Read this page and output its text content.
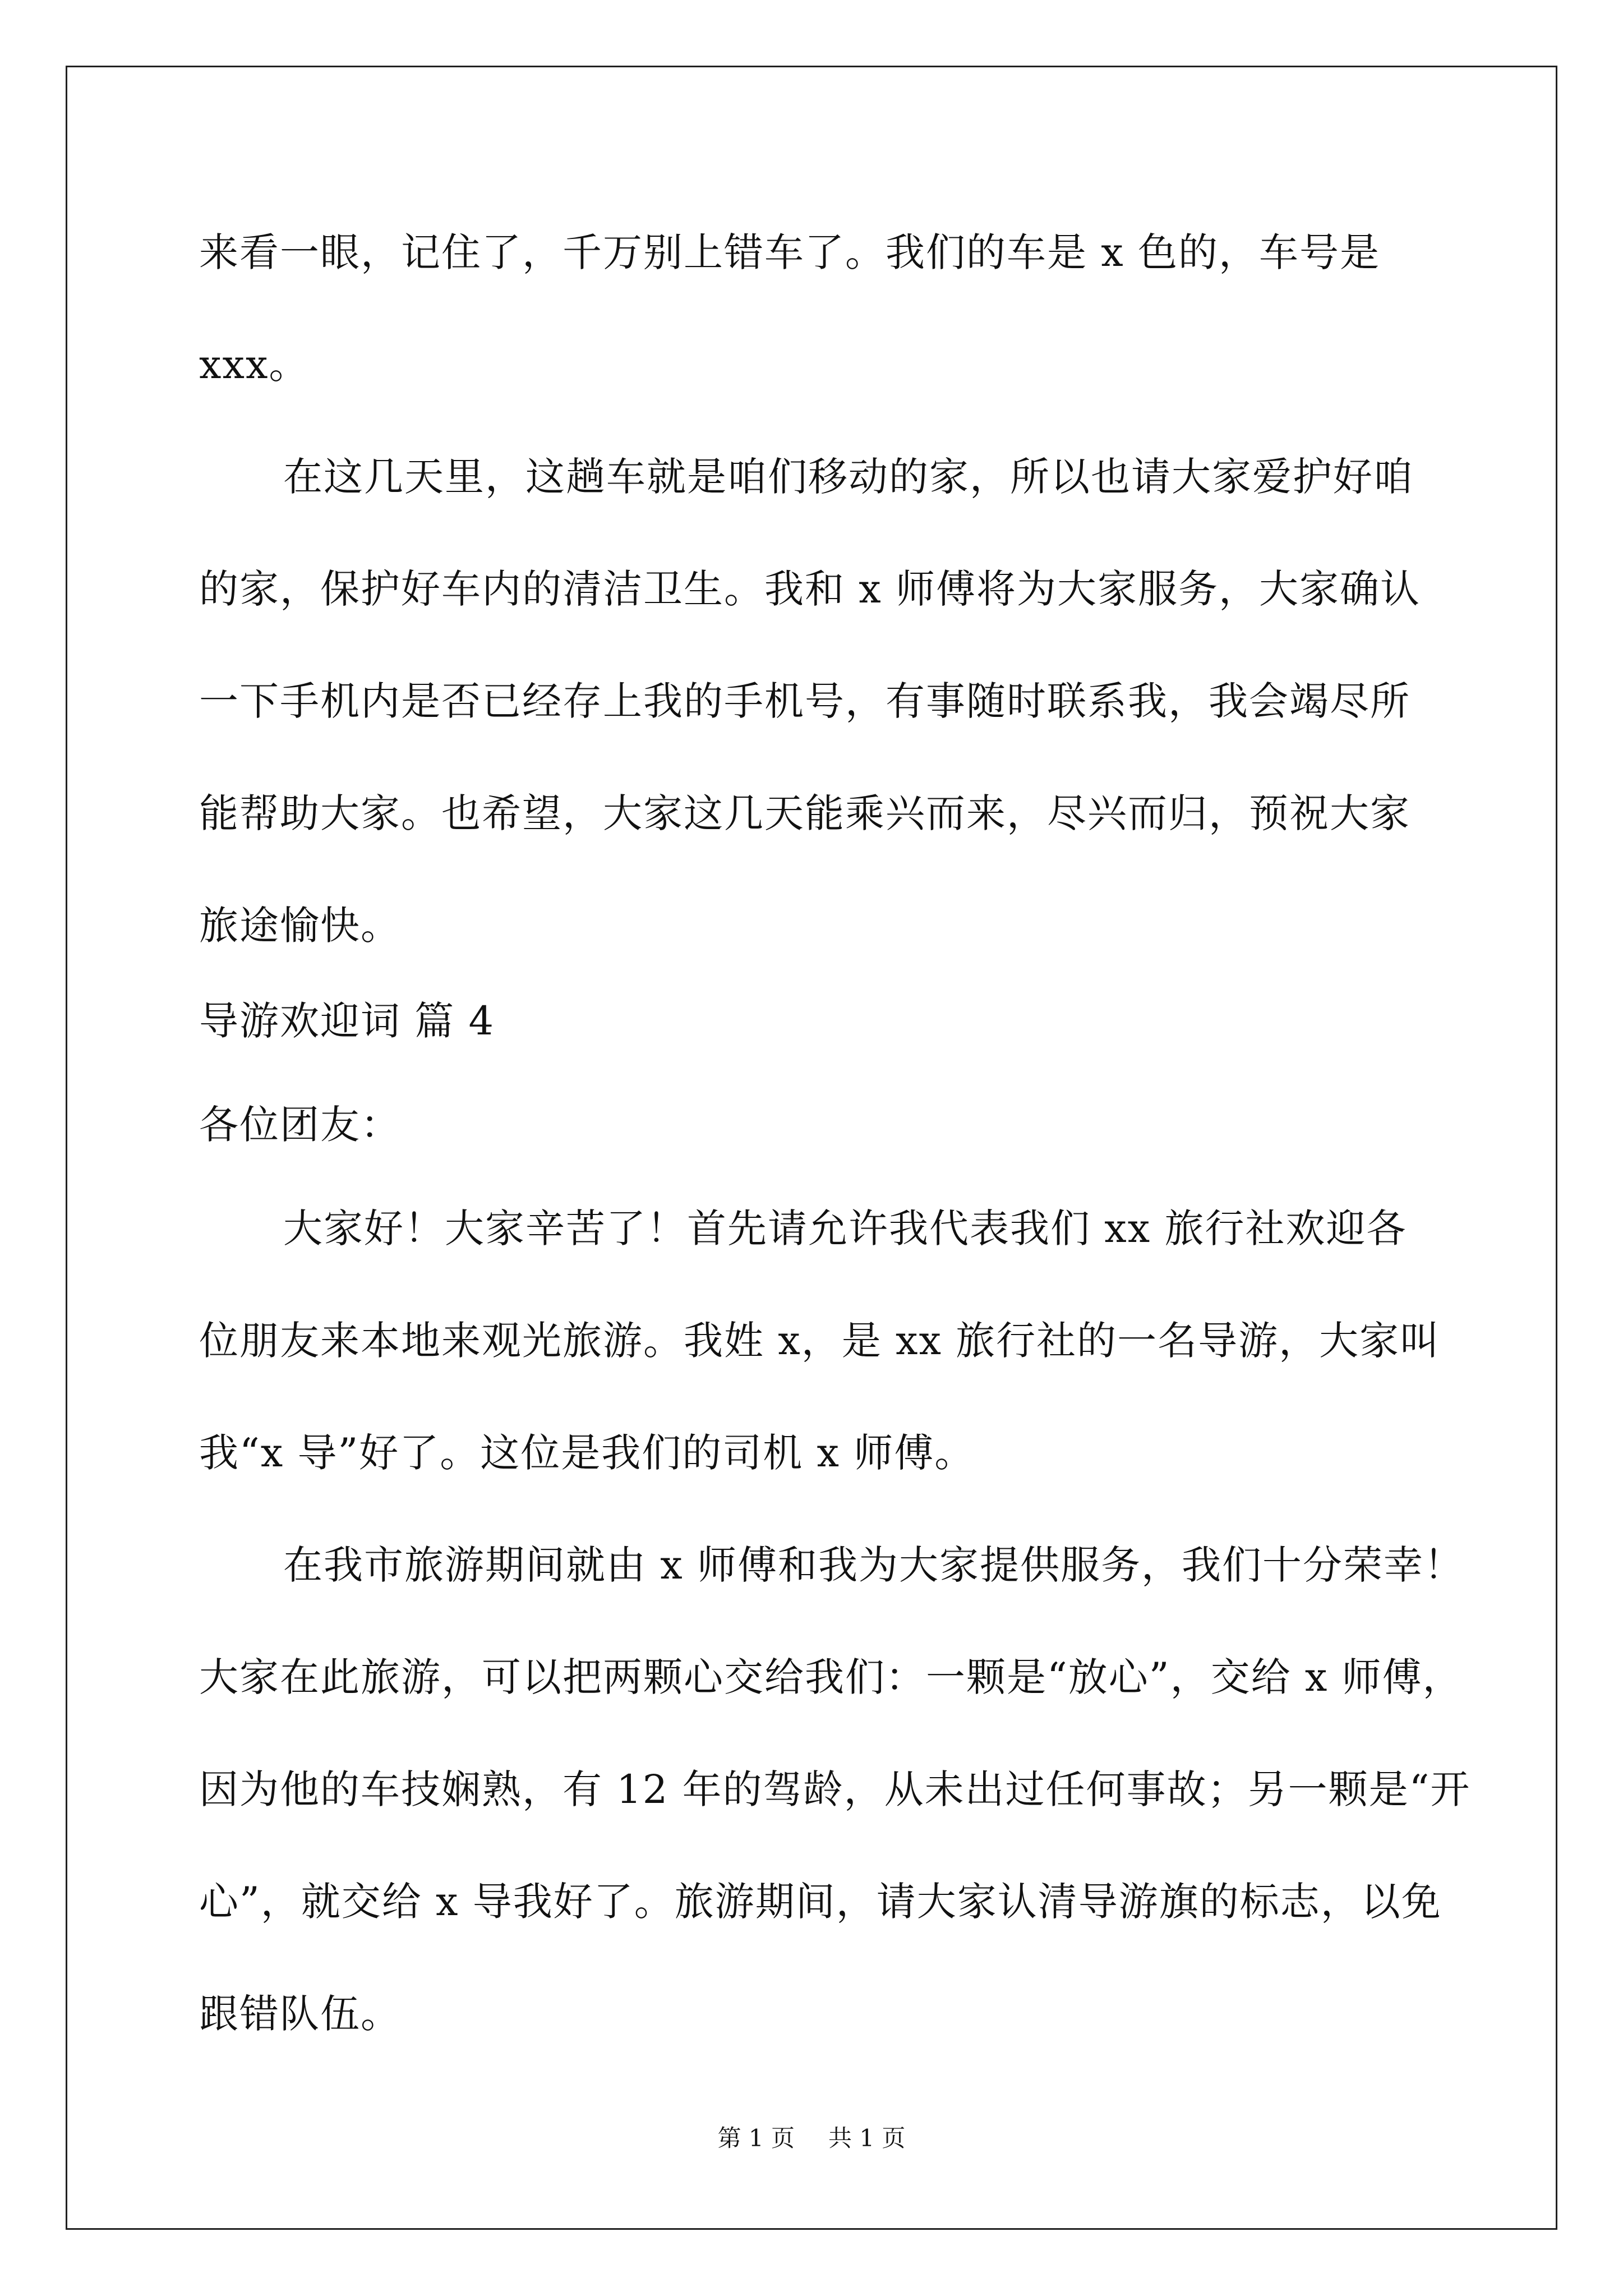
来看一眼，记住了，千万别上错车了。我们的车是 x 色的，车号是
xxx。
在这几天里，这趟车就是咱们移动的家，所以也请大家爱护好咱
的家，保护好车内的清洁卫生。我和 x 师傅将为大家服务，大家确认
一下手机内是否已经存上我的手机号，有事随时联系我，我会竭尽所
能帮助大家。也希望，大家这几天能乘兴而来，尽兴而归，预祝大家
旅途愉快。
导游欢迎词 篇 4
各位团友：
大家好！大家辛苦了！首先请允许我代表我们 xx 旅行社欢迎各
位朋友来本地来观光旅游。我姓 x，是 xx 旅行社的一名导游，大家叫
我“x 导”好了。这位是我们的司机 x 师傅。
在我市旅游期间就由 x 师傅和我为大家提供服务，我们十分荣幸！
大家在此旅游，可以把两颗心交给我们：一颗是“放心”，交给 x 师傅，
因为他的车技娴熟，有 12 年的驾龄，从未出过任何事故；另一颗是“开
心”，就交给 x 导我好了。旅游期间，请大家认清导游旗的标志，以免
跟错队伍。
第 1 页 共 1 页
